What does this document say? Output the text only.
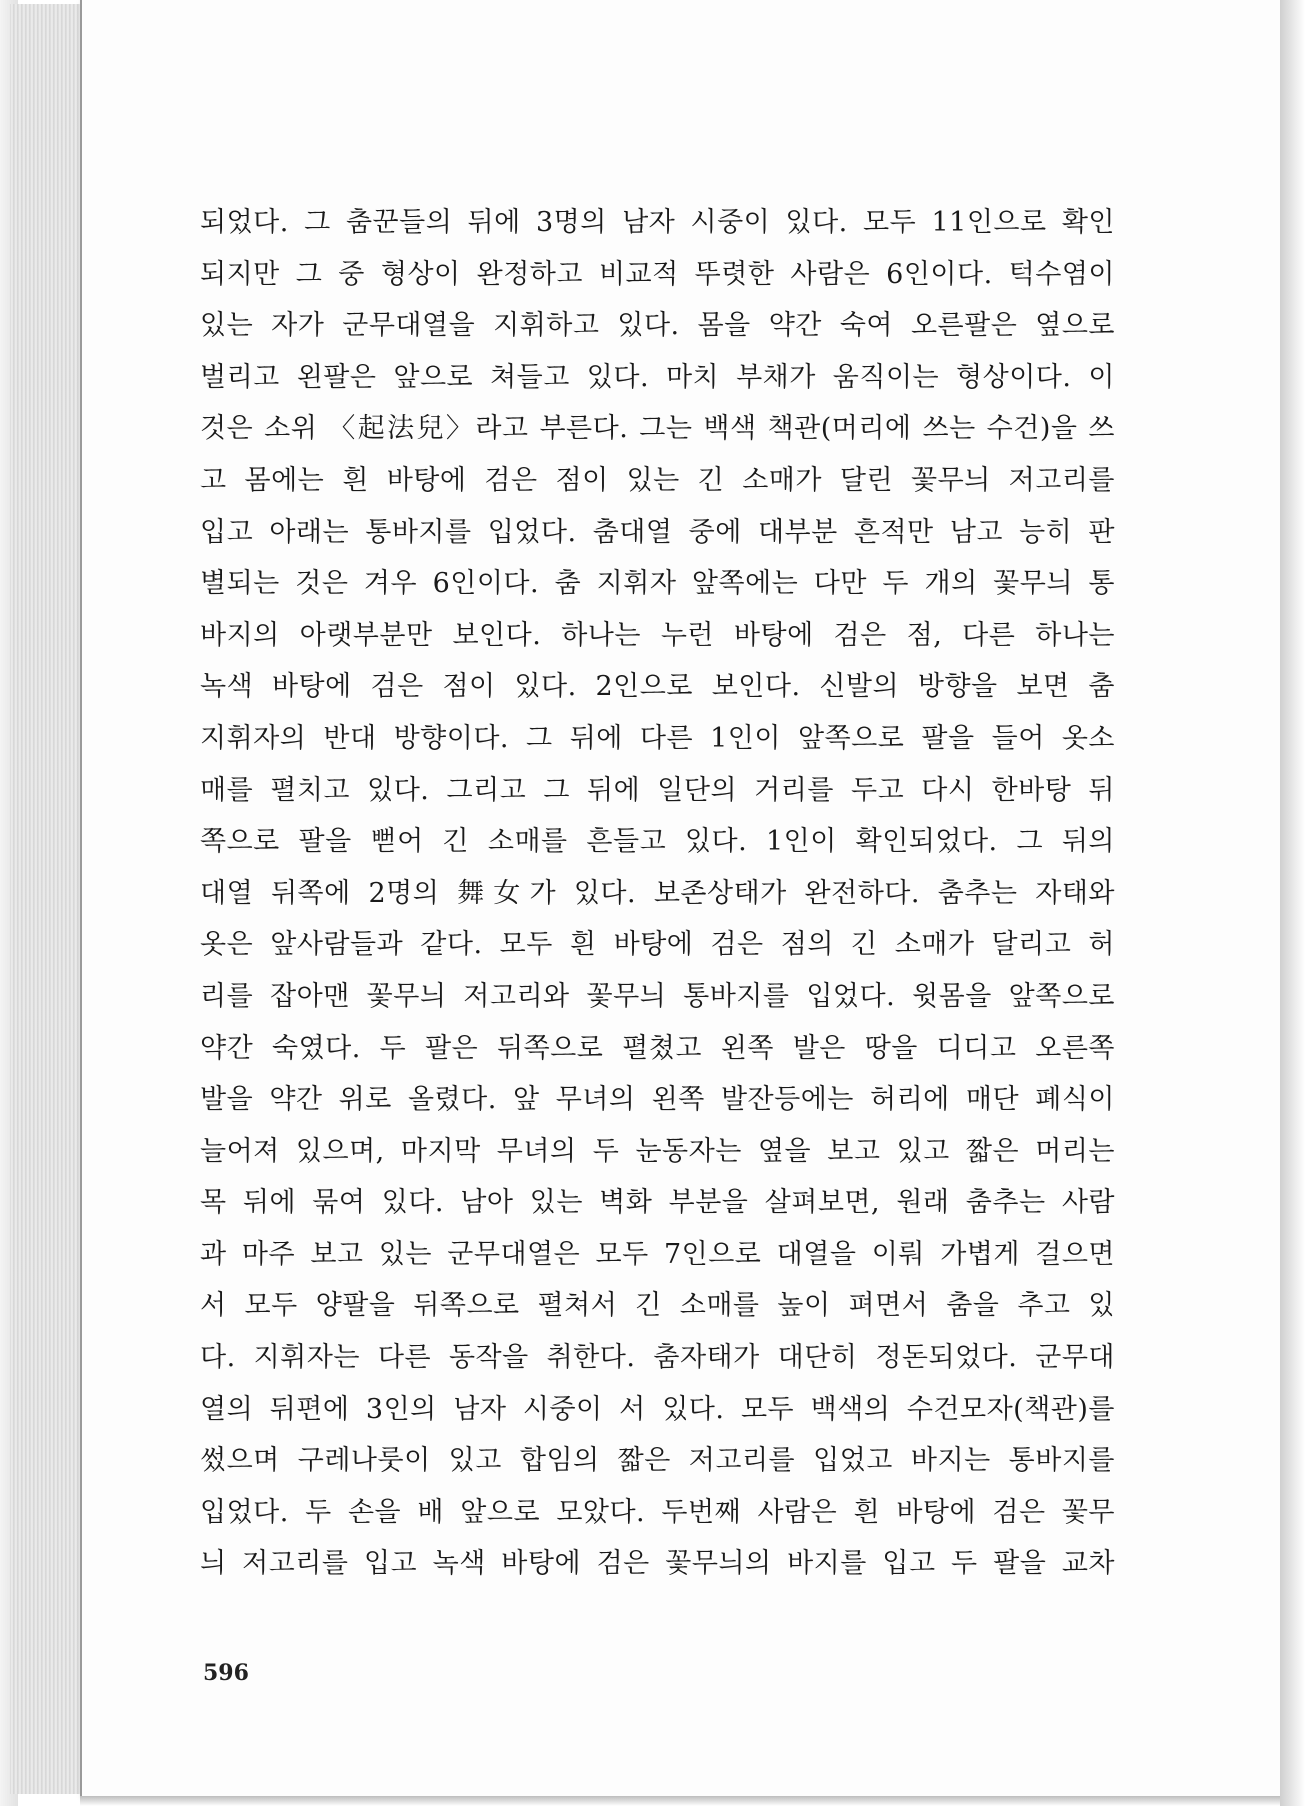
되었다. 그 춤꾼들의 뒤에 3명의 남자 시중이 있다. 모두 11인으로 확인
되지만 그 중 형상이 완정하고 비교적 뚜렷한 사람은 6인이다. 턱수염이
있는 자가 군무대열을 지휘하고 있다. 몸을 약간 숙여 오른팔은 옆으로
벌리고 왼팔은 앞으로 쳐들고 있다. 마치 부채가 움직이는 형상이다. 이
것은 소위 〈起法兒〉라고 부른다. 그는 백색 책관(머리에 쓰는 수건)을 쓰
고 몸에는 흰 바탕에 검은 점이 있는 긴 소매가 달린 꽃무늬 저고리를
입고 아래는 통바지를 입었다. 춤대열 중에 대부분 흔적만 남고 능히 판
별되는 것은 겨우 6인이다. 춤 지휘자 앞쪽에는 다만 두 개의 꽃무늬 통
바지의 아랫부분만 보인다. 하나는 누런 바탕에 검은 점, 다른 하나는
녹색 바탕에 검은 점이 있다. 2인으로 보인다. 신발의 방향을 보면 춤
지휘자의 반대 방향이다. 그 뒤에 다른 1인이 앞쪽으로 팔을 들어 옷소
매를 펼치고 있다. 그리고 그 뒤에 일단의 거리를 두고 다시 한바탕 뒤
쪽으로 팔을 뻗어 긴 소매를 흔들고 있다. 1인이 확인되었다. 그 뒤의
대열 뒤쪽에 2명의 舞女가 있다. 보존상태가 완전하다. 춤추는 자태와
옷은 앞사람들과 같다. 모두 흰 바탕에 검은 점의 긴 소매가 달리고 허
리를 잡아맨 꽃무늬 저고리와 꽃무늬 통바지를 입었다. 윗몸을 앞쪽으로
약간 숙였다. 두 팔은 뒤쪽으로 펼쳤고 왼쪽 발은 땅을 디디고 오른쪽
발을 약간 위로 올렸다. 앞 무녀의 왼쪽 발잔등에는 허리에 매단 폐식이
늘어져 있으며, 마지막 무녀의 두 눈동자는 옆을 보고 있고 짧은 머리는
목 뒤에 묶여 있다. 남아 있는 벽화 부분을 살펴보면, 원래 춤추는 사람
과 마주 보고 있는 군무대열은 모두 7인으로 대열을 이뤄 가볍게 걸으면
서 모두 양팔을 뒤쪽으로 펼쳐서 긴 소매를 높이 펴면서 춤을 추고 있
다. 지휘자는 다른 동작을 취한다. 춤자태가 대단히 정돈되었다. 군무대
열의 뒤편에 3인의 남자 시중이 서 있다. 모두 백색의 수건모자(책관)를
썼으며 구레나룻이 있고 합임의 짧은 저고리를 입었고 바지는 통바지를
입었다. 두 손을 배 앞으로 모았다. 두번째 사람은 흰 바탕에 검은 꽃무
늬 저고리를 입고 녹색 바탕에 검은 꽃무늬의 바지를 입고 두 팔을 교차
596
